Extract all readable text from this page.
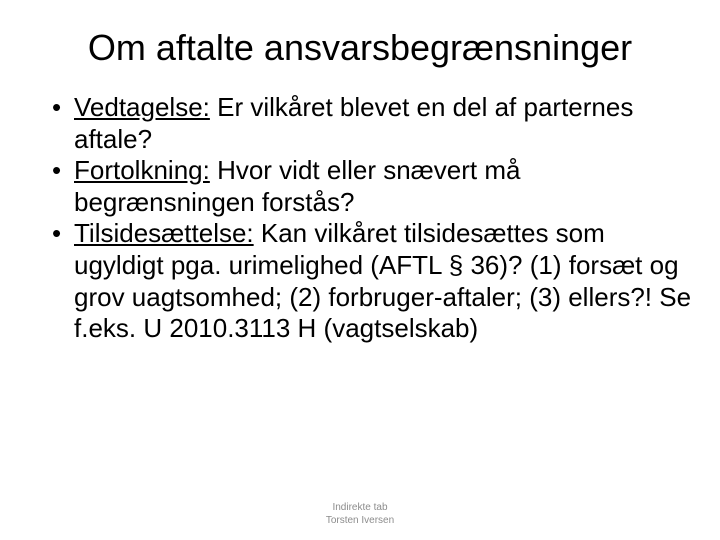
Om aftalte ansvarsbegrænsninger
• Vedtagelse: Er vilkåret blevet en del af parternes aftale?
• Fortolkning: Hvor vidt eller snævert må begrænsningen forstås?
• Tilsidesættelse: Kan vilkåret tilsidesættes som ugyldigt pga. urimelighed (AFTL § 36)? (1) forsæt og grov uagtsomhed; (2) forbruger-aftaler; (3) ellers?! Se f.eks. U 2010.3113 H (vagtselskab)
Indirekte tab
Torsten Iversen
